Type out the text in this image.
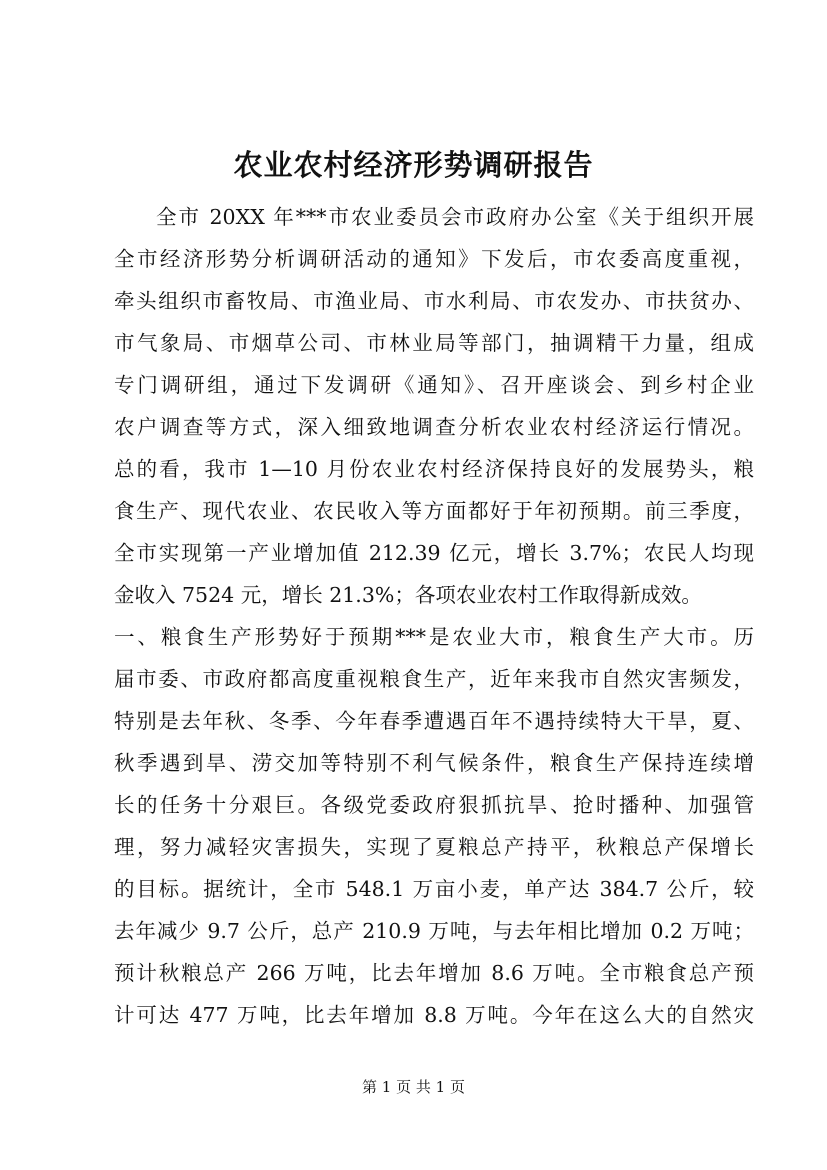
农业农村经济形势调研报告
全市 20XX 年***市农业委员会市政府办公室《关于组织开展
全市经济形势分析调研活动的通知》下发后，市农委高度重视，
牵头组织市畜牧局、市渔业局、市水利局、市农发办、市扶贫办、
市气象局、市烟草公司、市林业局等部门，抽调精干力量，组成
专门调研组，通过下发调研《通知》、召开座谈会、到乡村企业
农户调查等方式，深入细致地调查分析农业农村经济运行情况。
总的看，我市 1—10 月份农业农村经济保持良好的发展势头，粮
食生产、现代农业、农民收入等方面都好于年初预期。前三季度，
全市实现第一产业增加值 212.39 亿元，增长 3.7%；农民人均现
金收入 7524 元，增长 21.3%；各项农业农村工作取得新成效。
一、粮食生产形势好于预期***是农业大市，粮食生产大市。历
届市委、市政府都高度重视粮食生产，近年来我市自然灾害频发，
特别是去年秋、冬季、今年春季遭遇百年不遇持续特大干旱，夏、
秋季遇到旱、涝交加等特别不利气候条件，粮食生产保持连续增
长的任务十分艰巨。各级党委政府狠抓抗旱、抢时播种、加强管
理，努力减轻灾害损失，实现了夏粮总产持平，秋粮总产保增长
的目标。据统计，全市 548.1 万亩小麦，单产达 384.7 公斤，较
去年减少 9.7 公斤，总产 210.9 万吨，与去年相比增加 0.2 万吨；
预计秋粮总产 266 万吨，比去年增加 8.6 万吨。全市粮食总产预
计可达 477 万吨，比去年增加 8.8 万吨。今年在这么大的自然灾
第 1 页 共 1 页
